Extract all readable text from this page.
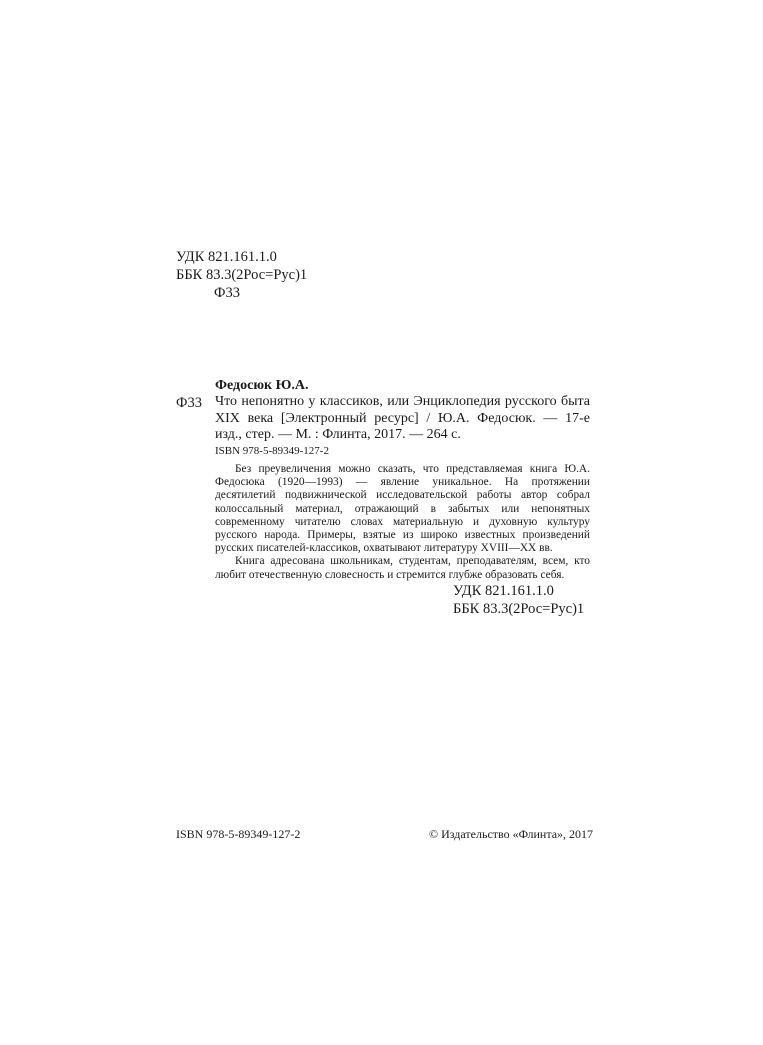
УДК 821.161.1.0
ББК 83.3(2Рос=Рус)1
Ф33
Федосюк Ю.А.
Ф33 Что непонятно у классиков, или Энциклопедия русского быта
XIX века [Электронный ресурс] / Ю.А. Федосюк. — 17-е
изд., стер. — М. : Флинта, 2017. — 264 с.
ISBN 978-5-89349-127-2

Без преувеличения можно сказать, что представляемая книга Ю.А. Федосюка (1920—1993) — явление уникальное. На протяжении десятилетий подвижнической исследовательской работы автор собрал колоссальный материал, отражающий в забытых или непонятных современному читателю словах материальную и духовную культуру русского народа. Примеры, взятые из широко известных произведений русских писателей-классиков, охватывают литературу XVIII—XX вв.

Книга адресована школьникам, студентам, преподавателям, всем, кто любит отечественную словесность и стремится глубже образовать себя.

УДК 821.161.1.0
ББК 83.3(2Рос=Рус)1
ISBN 978-5-89349-127-2	© Издательство «Флинта», 2017
